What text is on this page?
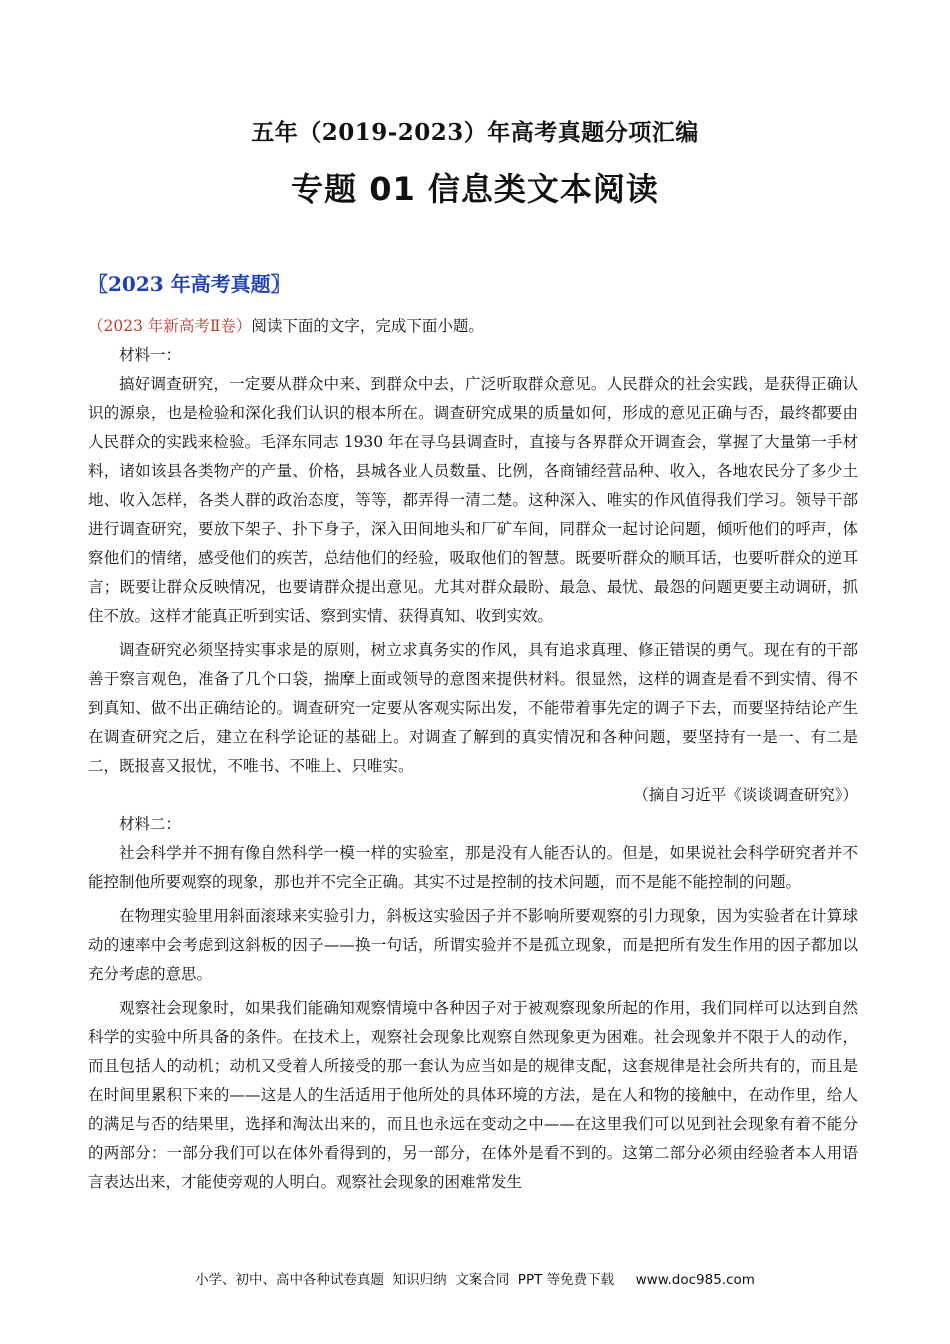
五年（2019-2023）年高考真题分项汇编
专题 01 信息类文本阅读
〖2023 年高考真题〗

（2023 年新高考Ⅱ卷）阅读下面的文字，完成下面小题。

材料一：

搞好调查研究，一定要从群众中来、到群众中去，广泛听取群众意见。人民群众的社会实践，是获得正确认识的源泉，也是检验和深化我们认识的根本所在。调查研究成果的质量如何，形成的意见正确与否，最终都要由人民群众的实践来检验。毛泽东同志 1930 年在寻乌县调查时，直接与各界群众开调查会，掌握了大量第一手材料，诸如该县各类物产的产量、价格，县城各业人员数量、比例，各商铺经营品种、收入，各地农民分了多少土地、收入怎样，各类人群的政治态度，等等，都弄得一清二楚。这种深入、唯实的作风值得我们学习。领导干部进行调查研究，要放下架子、扑下身子，深入田间地头和厂矿车间，同群众一起讨论问题，倾听他们的呼声，体察他们的情绪，感受他们的疾苦，总结他们的经验，吸取他们的智慧。既要听群众的顺耳话，也要听群众的逆耳言；既要让群众反映情况，也要请群众提出意见。尤其对群众最盼、最急、最忧、最怨的问题更要主动调研，抓住不放。这样才能真正听到实话、察到实情、获得真知、收到实效。

调查研究必须坚持实事求是的原则，树立求真务实的作风，具有追求真理、修正错误的勇气。现在有的干部善于察言观色，准备了几个口袋，揣摩上面或领导的意图来提供材料。很显然，这样的调查是看不到实情、得不到真知、做不出正确结论的。调查研究一定要从客观实际出发，不能带着事先定的调子下去，而要坚持结论产生在调查研究之后，建立在科学论证的基础上。对调查了解到的真实情况和各种问题，要坚持有一是一、有二是二，既报喜又报忧，不唯书、不唯上、只唯实。

（摘自习近平《谈谈调查研究》）

材料二：

社会科学并不拥有像自然科学一模一样的实验室，那是没有人能否认的。但是，如果说社会科学研究者并不能控制他所要观察的现象，那也并不完全正确。其实不过是控制的技术问题，而不是能不能控制的问题。

在物理实验里用斜面滚球来实验引力，斜板这实验因子并不影响所要观察的引力现象，因为实验者在计算球动的速率中会考虑到这斜板的因子——换一句话，所谓实验并不是孤立现象，而是把所有发生作用的因子都加以充分考虑的意思。

观察社会现象时，如果我们能确知观察情境中各种因子对于被观察现象所起的作用，我们同样可以达到自然科学的实验中所具备的条件。在技术上，观察社会现象比观察自然现象更为困难。社会现象并不限于人的动作，而且包括人的动机；动机又受着人所接受的那一套认为应当如是的规律支配，这套规律是社会所共有的，而且是在时间里累积下来的——这是人的生活适用于他所处的具体环境的方法，是在人和物的接触中，在动作里，给人的满足与否的结果里，选择和淘汰出来的，而且也永远在变动之中——在这里我们可以见到社会现象有着不能分的两部分：一部分我们可以在体外看得到的，另一部分，在体外是看不到的。这第二部分必须由经验者本人用语言表达出来，才能使旁观的人明白。观察社会现象的困难常发生

小学、初中、高中各种试卷真题  知识归纳  文案合同  PPT 等免费下载 www.doc985.com
